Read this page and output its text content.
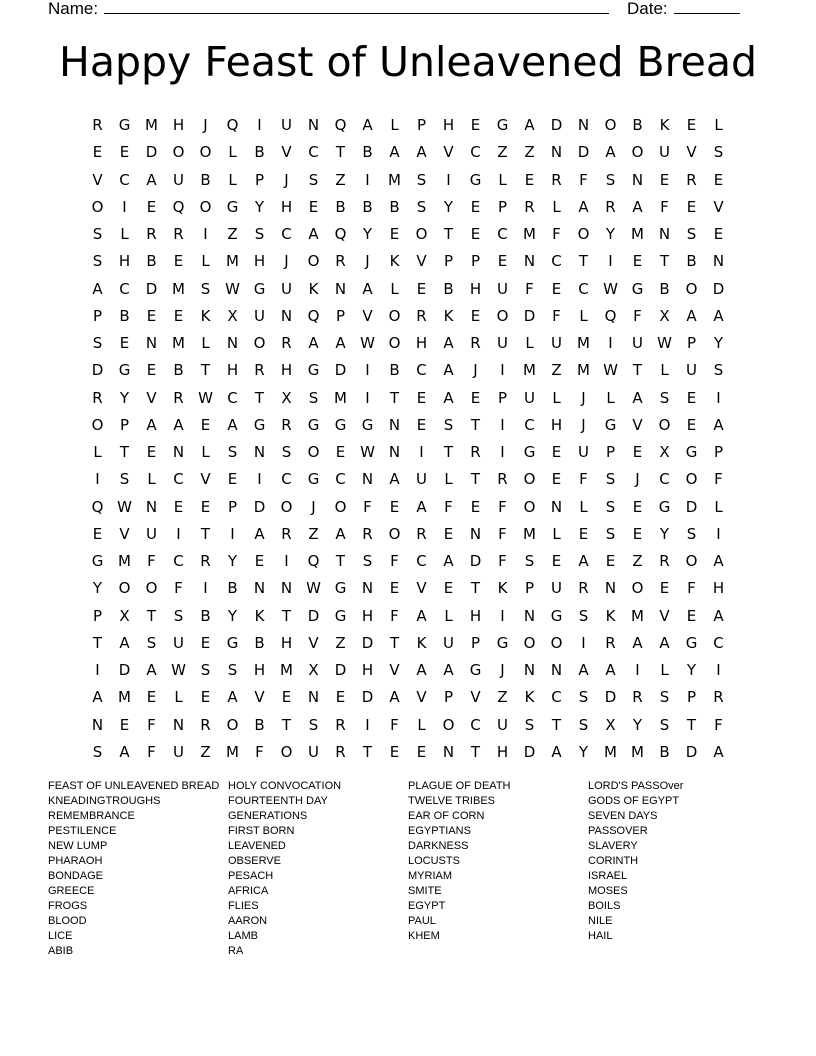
Name:	Date:
Happy Feast of Unleavened Bread
R G M H J Q I U N Q A L P H E G A D N O B K E L
E E D O O L B V C T B A A V C Z Z N D A O U V S
V C A U B L P J S Z I M S I G L E R F S N E R E
O I E Q O G Y H E B B B S Y E P R L A R A F E V
S L R R I Z S C A Q Y E O T E C M F O Y M N S E
S H B E L M H J O R J K V P P E N C T I E T B N
A C D M S W G U K N A L E B H U F E C W G B O D
P B E E K X U N Q P V O R K E O D F L Q F X A A
S E N M L N O R A A W O H A R U L U M I U W P Y
D G E B T H R H G D I B C A J I M Z M W T L U S
R Y V R W C T X S M I T E A E P U L J L A S E I
O P A A E A G R G G G N E S T I C H J G V O E A
L T E N L S N S O E W N I T R I G E U P E X G P
I S L C V E I C G C N A U L T R O E F S J C O F
Q W N E E P D O J O F E A F E F O N L S E G D L
E V U I T I A R Z A R O R E N F M L E S E Y S I
G M F C R Y E I Q T S F C A D F S E A E Z R O A
Y O O F I B N N W G N E V E T K P U R N O E F H
P X T S B Y K T D G H F A L H I N G S K M V E A
T A S U E G B H V Z D T K U P G O O I R A A G C
I D A W S S H M X D H V A A G J N N A A I L Y I
A M E L E A V E N E D A V P V Z K C S D R S P R
N E F N R O B T S R I F L O C U S T S X Y S T F
S A F U Z M F O U R T E E N T H D A Y M M B D A
FEAST OF UNLEAVENED BREAD
KNEADINGTROUGHS
REMEMBRANCE
PESTILENCE
NEW LUMP
PHARAOH
BONDAGE
GREECE
FROGS
BLOOD
LICE
ABIB
HOLY CONVOCATION
FOURTEENTH DAY
GENERATIONS
FIRST BORN
LEAVENED
OBSERVE
PESACH
AFRICA
FLIES
AARON
LAMB
RA
PLAGUE OF DEATH
TWELVE TRIBES
EAR OF CORN
EGYPTIANS
DARKNESS
LOCUSTS
MYRIAM
SMITE
EGYPT
PAUL
KHEM
LORD'S PASSOver
GODS OF EGYPT
SEVEN DAYS
PASSOVER
SLAVERY
CORINTH
ISRAEL
MOSES
BOILS
NILE
HAIL
